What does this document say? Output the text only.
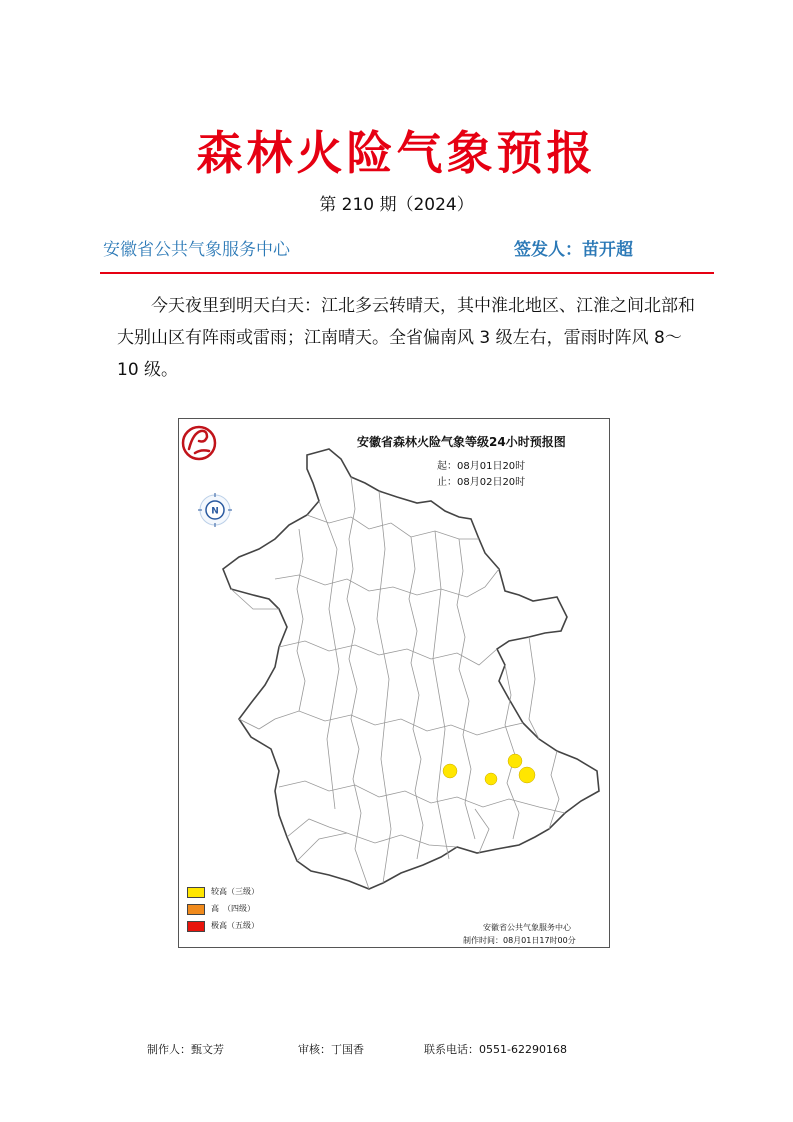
森林火险气象预报
第 210 期（2024）
安徽省公共气象服务中心	签发人：苗开超

今天夜里到明天白天：江北多云转晴天，其中淮北地区、江淮之间北部和大别山区有阵雨或雷雨；江南晴天。全省偏南风 3 级左右，雷雨时阵风 8～10 级。

N
安徽省森林火险气象等级24小时预报图
起：08月01日20时
止：08月02日20时
较高（三级）
高　（四级）
极高（五级）	安徽省公共气象服务中心
制作时间：08月01日17时00分
制作人：甄文芳	审核：丁国香	联系电话：0551-62290168
